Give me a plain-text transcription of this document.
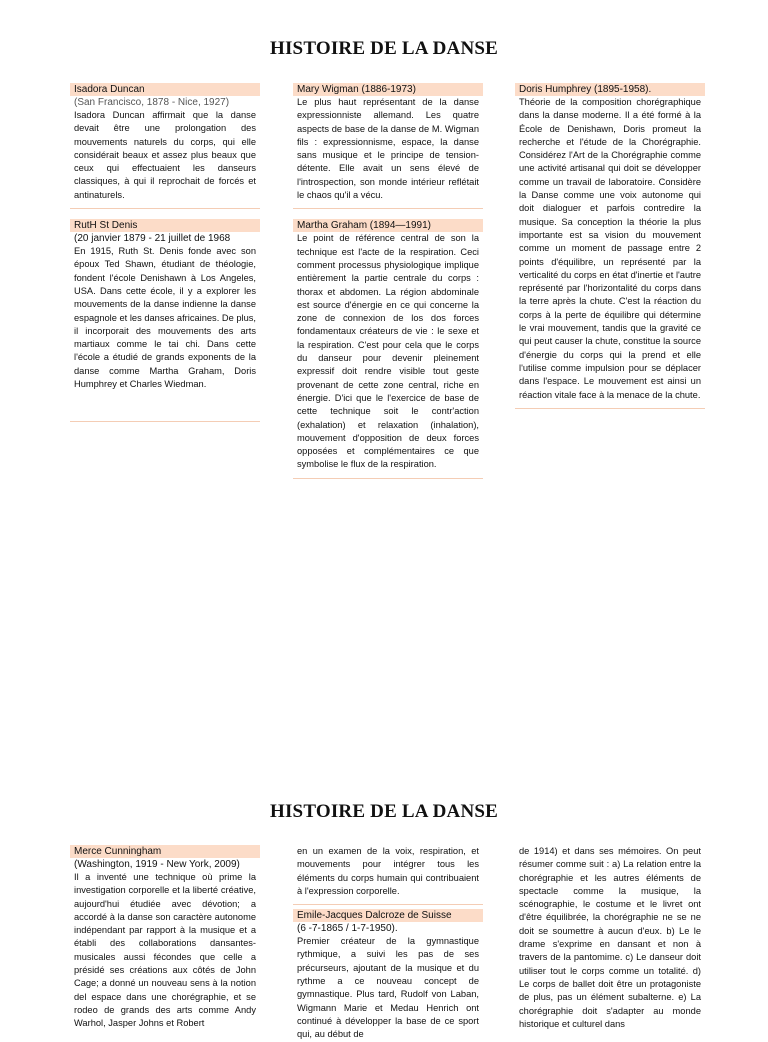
HISTOIRE DE LA DANSE

Isadora Duncan

(San Francisco, 1878 - Nice, 1927)

Isadora Duncan affirmait que la danse devait être une prolongation des mouvements naturels du corps, qui elle considérait beaux et assez plus beaux que ceux qui effectuaient les danseurs classiques, à qui il reprochait de forcés et antinaturels.

RutH St Denis

(20 janvier 1879 - 21 juillet de 1968

En 1915, Ruth St. Denis fonde avec son époux Ted Shawn, étudiant de théologie, fondent l'école Denishawn à Los Angeles, USA. Dans cette école, il y a explorer les mouvements de la danse indienne la danse espagnole et les danses africaines. De plus, il incorporait des mouvements des arts martiaux comme le tai chi. Dans cette l'école a étudié de grands exponents de la danse comme Martha Graham, Doris Humphrey et Charles Wiedman.

Mary Wigman (1886-1973)

Le plus haut représentant de la danse expressionniste allemand. Les quatre aspects de base de la danse de M. Wigman fils : expressionnisme, espace, la danse sans musique et le principe de tension-détente. Elle avait un sens élevé de l'introspection, son monde intérieur reflétait le chaos qu'il a vécu.

Martha Graham (1894—1991)

Le point de référence central de son la technique est l'acte de la respiration. Ceci comment processus physiologique implique entièrement la partie centrale du corps : thorax et abdomen. La région abdominale est source d'énergie en ce qui concerne la zone de connexion de los dos forces fondamentaux créateurs de vie : le sexe et la respiration. C'est pour cela que le corps du danseur pour devenir pleinement expressif doit rendre visible tout geste provenant de cette zone central, riche en énergie. D'ici que le l'exercice de base de cette technique soit le contr'action (exhalation) et relaxation (inhalation), mouvement d'opposition de deux forces opposées et complémentaires ce que symbolise le flux de la respiration.

Doris Humphrey (1895-1958).

Théorie de la composition chorégraphique dans la danse moderne. Il a été formé à la École de Denishawn, Doris promeut la recherche et l'étude de la Chorégraphie. Considérez l'Art de la Chorégraphie comme une activité artisanal qui doit se développer comme un travail de laboratoire. Considère la Danse comme une voix autonome qui doit dialoguer et parfois contredire la musique. Sa conception la théorie la plus importante est sa vision du mouvement comme un moment de passage entre 2 points d'équilibre, un représenté par la verticalité du corps en état d'inertie et l'autre représenté par l'horizontalité du corps dans la terre après la chute. C'est la réaction du corps à la perte de équilibre qui détermine le vrai mouvement, tandis que la gravité ce qui peut causer la chute, constitue la source d'énergie du corps qui la prend et elle l'utilise comme impulsion pour se déplacer dans l'espace. Le mouvement est ainsi un réaction vitale face à la menace de la chute.

HISTOIRE DE LA DANSE

Merce Cunningham

(Washington, 1919 - New York, 2009)

Il a inventé une technique où prime la investigation corporelle et la liberté créative, aujourd'hui étudiée avec dévotion; a accordé à la danse son caractère autonome indépendant par rapport à la musique et a établi des collaborations dansantes-musicales aussi fécondes que celle a présidé ses créations aux côtés de John Cage; a donné un nouveau sens à la notion del espace dans une chorégraphie, et se rodeo de grands des arts comme Andy Warhol, Jasper Johns et Robert

en un examen de la voix, respiration, et mouvements pour intégrer tous les éléments du corps humain qui contribuaient à l'expression corporelle.

Emile-Jacques Dalcroze de Suisse

(6 -7-1865 / 1-7-1950).

Premier créateur de la gymnastique rythmique, a suivi les pas de ses précurseurs, ajoutant de la musique et du rythme a ce nouveau concept de gymnastique. Plus tard, Rudolf von Laban, Wigmann Marie et Medau Henrich ont continué à développer la base de ce sport qui, au début de

de 1914) et dans ses mémoires. On peut résumer comme suit : a) La relation entre la chorégraphie et les autres éléments de spectacle comme la musique, la scénographie, le costume et le livret ont d'être équilibrée, la chorégraphie ne se ne doit se soumettre à aucun d'eux. b) Le le drame s'exprime en dansant et non à travers de la pantomime. c) Le danseur doit utiliser tout le corps comme un totalité. d) Le corps de ballet doit être un protagoniste de plus, pas un élément subalterne. e) La chorégraphie doit s'adapter au monde historique et culturel dans
